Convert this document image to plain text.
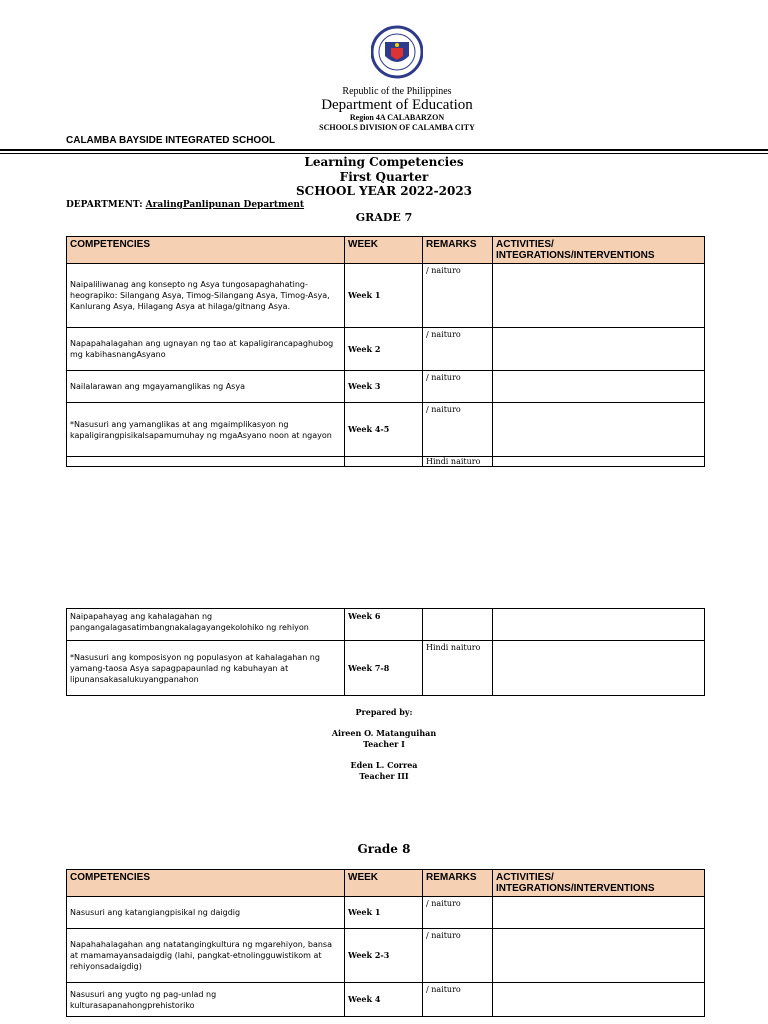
Republic of the Philippines
Department of Education
Region 4A CALABARZON
SCHOOLS DIVISION OF CALAMBA CITY
CALAMBA BAYSIDE INTEGRATED SCHOOL
Learning Competencies
First Quarter
SCHOOL YEAR 2022-2023
DEPARTMENT: AralingPanlipunan Department
GRADE 7
COMPETENCIES	WEEK	REMARKS	ACTIVITIES/ INTEGRATIONS/INTERVENTIONS
Naipaliliwanag ang konsepto ng Asya tungosapaghahating-heograpiko: Silangang Asya, Timog-Silangang Asya, Timog-Asya, Kanlurang Asya, Hilagang Asya at hilaga/gitnang Asya.	Week 1	/ naituro	
Napapahalagahan ang ugnayan ng tao at kapaligirancapaghubog mg kabihasnangAsyano	Week 2	/ naituro	
Nailalarawan ang mgayamanglikas ng Asya	Week 3	/ naituro	
*Nasusuri ang yamanglikas at ang mgaimplikasyon ng kapaligirangpisikalsapamumuhay ng mgaAsyano noon at ngayon	Week 4-5	/ naituro	
		Hindi naituro	
Naipapahayag ang kahalagahan ng pangangalagasatimbangnakalagayangekolohiko ng rehiyon	Week 6		
*Nasusuri ang komposisyon ng populasyon at kahalagahan ng yamang-taosa Asya sapagpapaunlad ng kabuhayan at lipunansakasalukuyangpanahon	Week 7-8	Hindi naituro	
Prepared by:
Aireen O. Matanguihan
Teacher I
Eden L. Correa
Teacher III
Grade 8
COMPETENCIES	WEEK	REMARKS	ACTIVITIES/ INTEGRATIONS/INTERVENTIONS
Nasusuri ang katangiangpisikal ng daigdig	Week 1	/ naituro	
Napahahalagahan ang natatangingkultura ng mgarehiyon, bansa at mamamayansadaigdig (lahi, pangkat-etnolingguwistikom at rehiyonsadaigdig)	Week 2-3	/ naituro	
Nasusuri ang yugto ng pag-unlad ng kulturasapanahongprehistoriko	Week 4	/ naituro	
